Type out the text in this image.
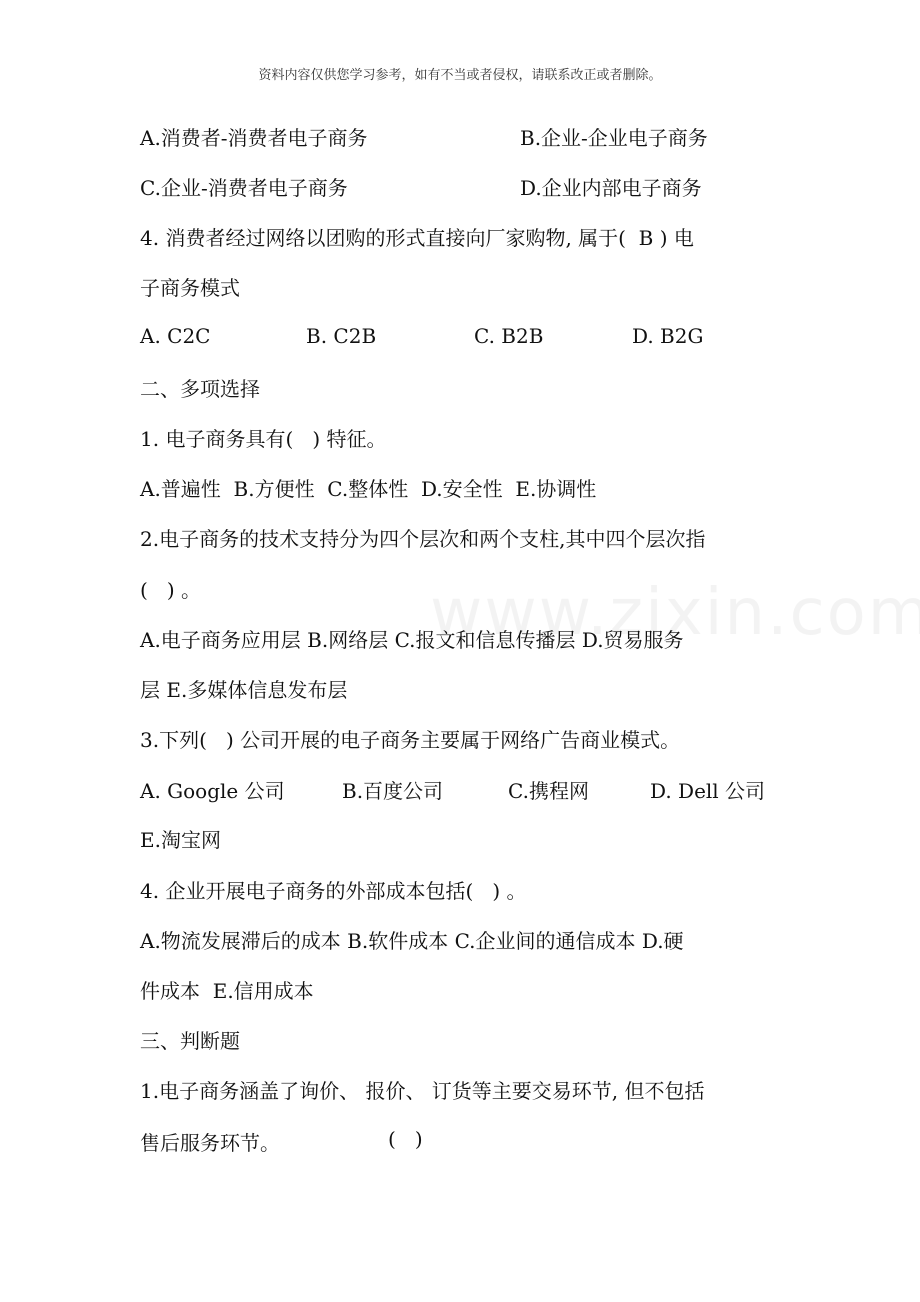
资料内容仅供您学习参考，如有不当或者侵权，请联系改正或者删除。
A.消费者-消费者电子商务	B.企业-企业电子商务
C.企业-消费者电子商务	D.企业内部电子商务
4. 消费者经过网络以团购的形式直接向厂家购物, 属于(  B ) 电
子商务模式
A. C2C	B. C2B	C. B2B	D. B2G
二、多项选择
1. 电子商务具有(   ) 特征。
A.普遍性  B.方便性  C.整体性  D.安全性  E.协调性
2.电子商务的技术支持分为四个层次和两个支柱,其中四个层次指
(   ) 。
A.电子商务应用层 B.网络层 C.报文和信息传播层 D.贸易服务
层 E.多媒体信息发布层
3.下列(   ) 公司开展的电子商务主要属于网络广告商业模式。
A. Google 公司	B.百度公司	C.携程网	D. Dell 公司
E.淘宝网
4. 企业开展电子商务的外部成本包括(   ) 。
A.物流发展滞后的成本 B.软件成本 C.企业间的通信成本 D.硬
件成本  E.信用成本
三、判断题
1.电子商务涵盖了询价、 报价、 订货等主要交易环节, 但不包括
售后服务环节。	(   )
